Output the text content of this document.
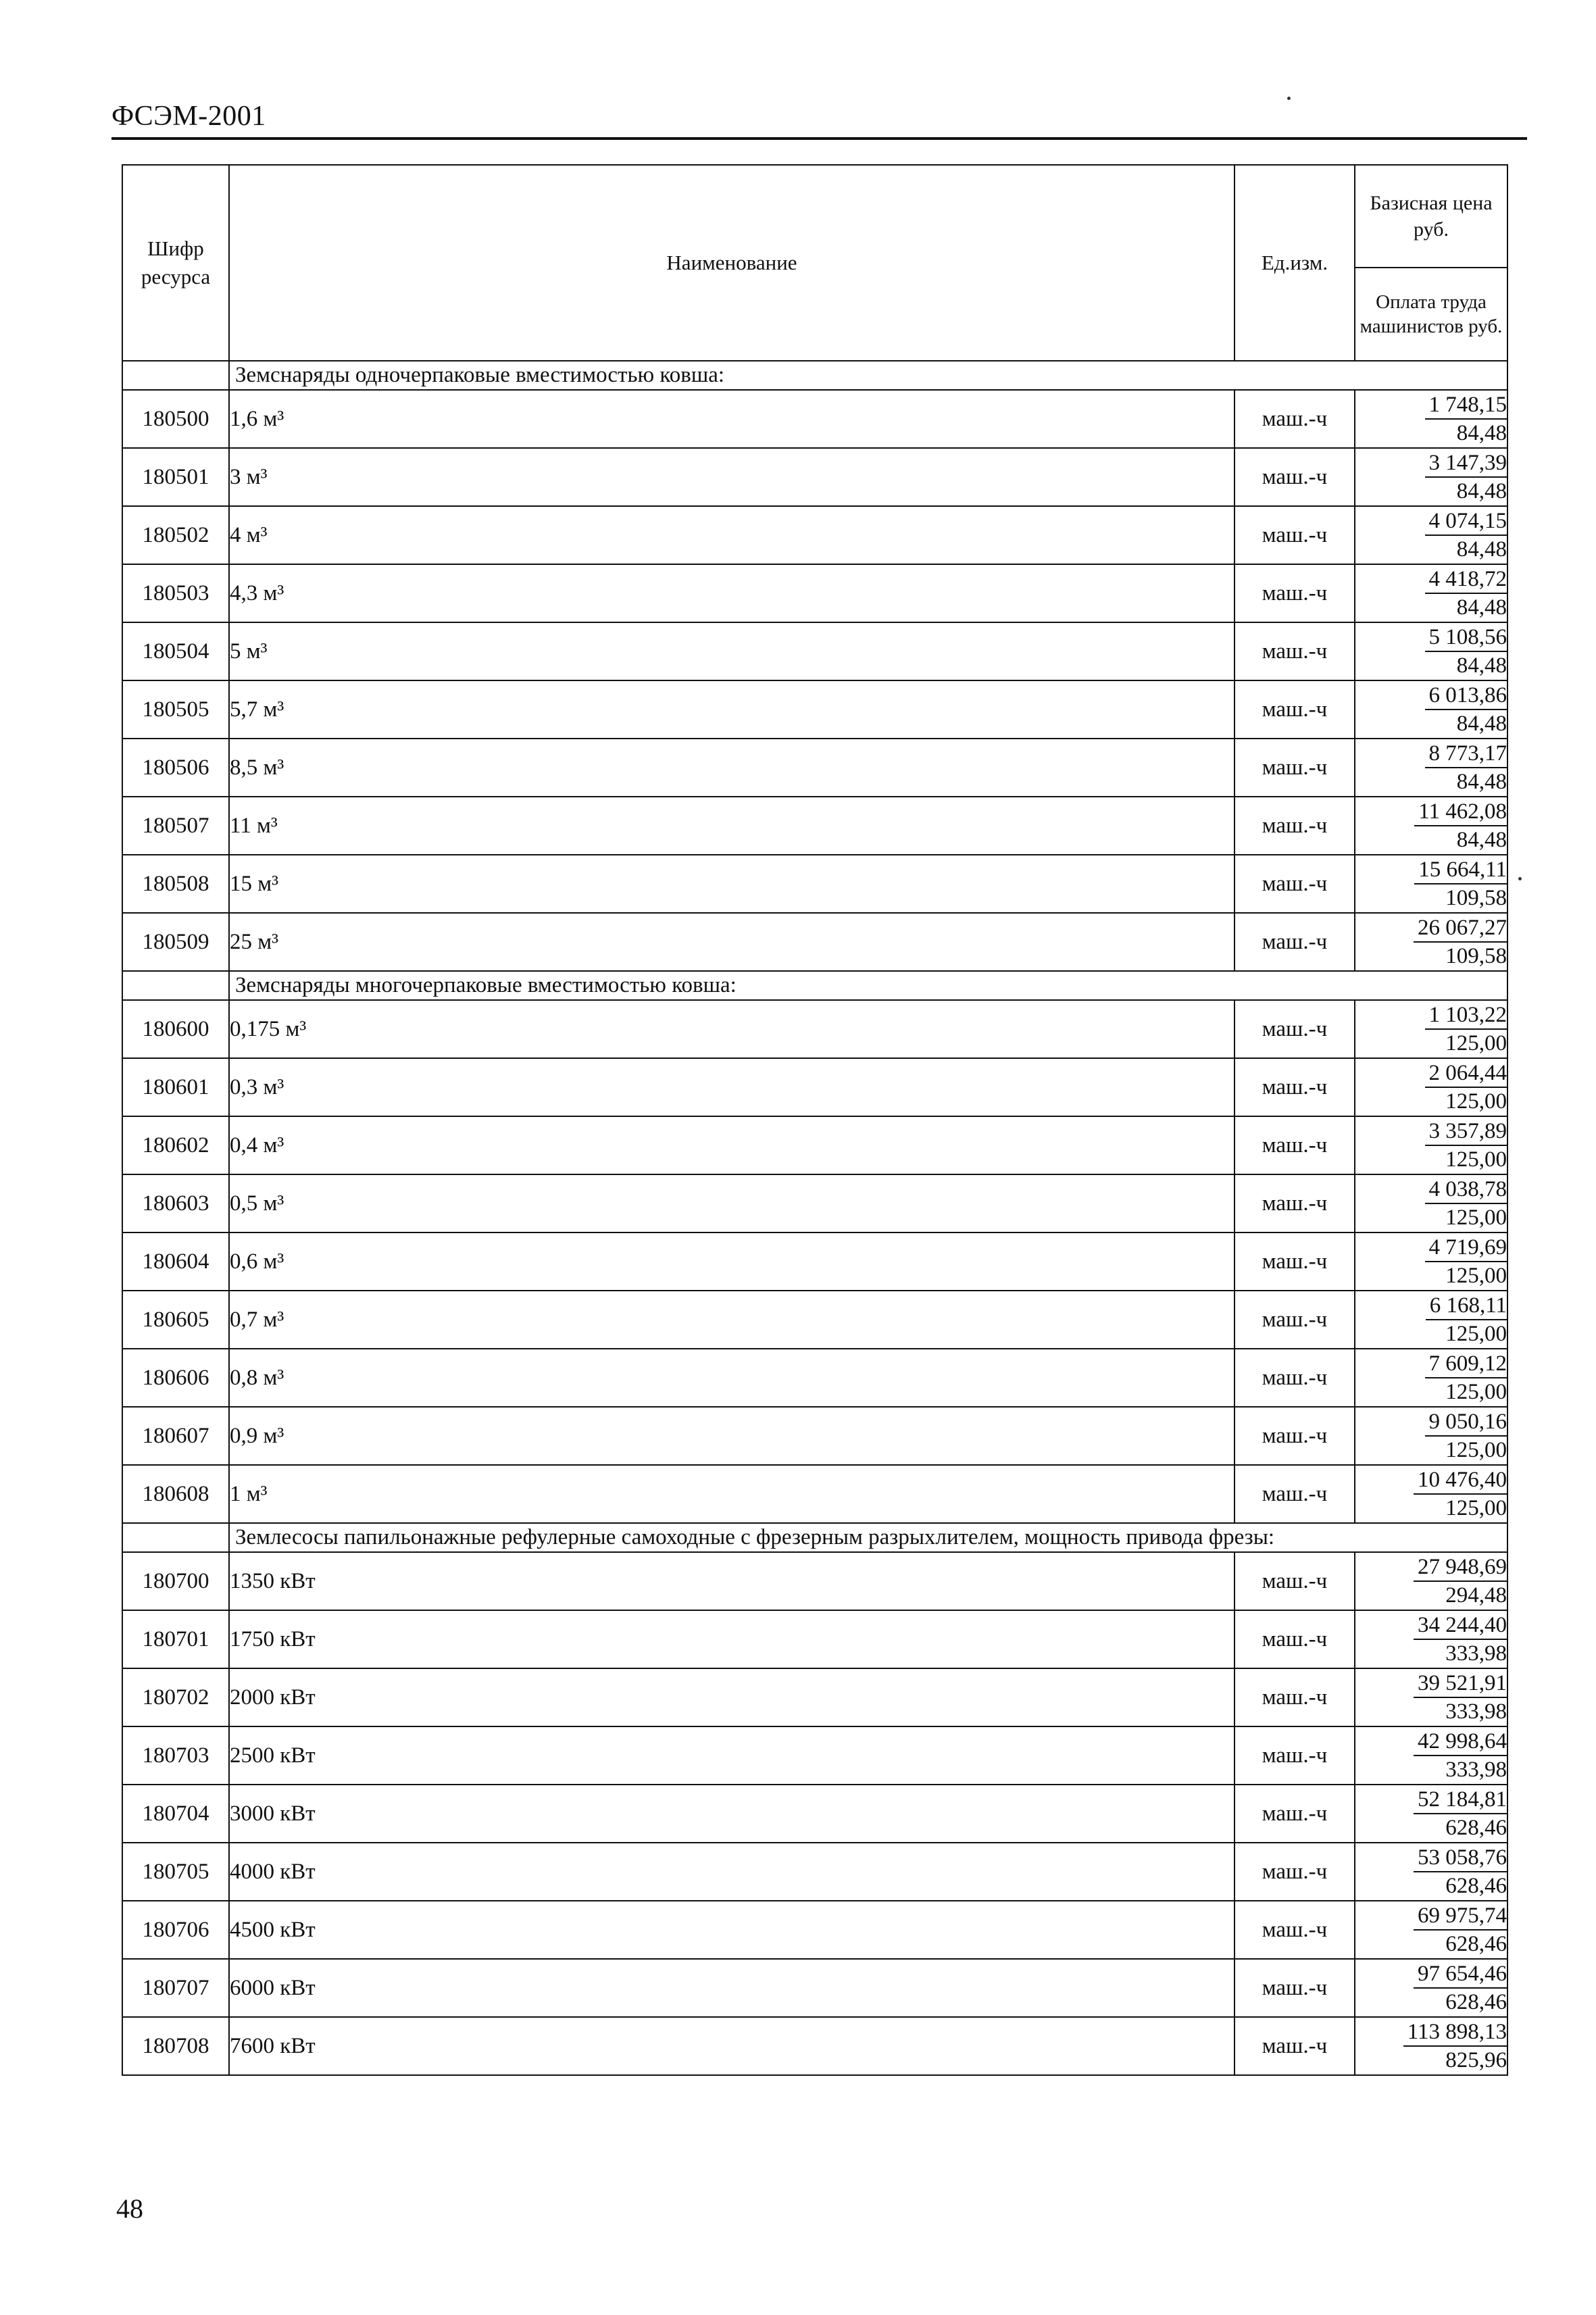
ФСЭМ-2001
Шифр ресурса	Наименование	Ед.изм.	Базисная цена руб.
			Оплата труда машинистов руб.
	Земснаряды одночерпаковые вместимостью ковша:		
180500	1,6 м³	маш.-ч	1 748,15
84,48

180501	3 м³	маш.-ч	3 147,39
84,48

180502	4 м³	маш.-ч	4 074,15
84,48

180503	4,3 м³	маш.-ч	4 418,72
84,48

180504	5 м³	маш.-ч	5 108,56
84,48

180505	5,7 м³	маш.-ч	6 013,86
84,48

180506	8,5 м³	маш.-ч	8 773,17
84,48

180507	11 м³	маш.-ч	11 462,08
84,48

180508	15 м³	маш.-ч	15 664,11
109,58

180509	25 м³	маш.-ч	26 067,27
109,58

	Земснаряды многочерпаковые вместимостью ковша:		
180600	0,175 м³	маш.-ч	1 103,22
125,00

180601	0,3 м³	маш.-ч	2 064,44
125,00

180602	0,4 м³	маш.-ч	3 357,89
125,00

180603	0,5 м³	маш.-ч	4 038,78
125,00

180604	0,6 м³	маш.-ч	4 719,69
125,00

180605	0,7 м³	маш.-ч	6 168,11
125,00

180606	0,8 м³	маш.-ч	7 609,12
125,00

180607	0,9 м³	маш.-ч	9 050,16
125,00

180608	1 м³	маш.-ч	10 476,40
125,00

	Землесосы папильонажные рефулерные самоходные с фрезерным разрыхлителем, мощность привода фрезы:		
180700	1350 кВт	маш.-ч	27 948,69
294,48

180701	1750 кВт	маш.-ч	34 244,40
333,98

180702	2000 кВт	маш.-ч	39 521,91
333,98

180703	2500 кВт	маш.-ч	42 998,64
333,98

180704	3000 кВт	маш.-ч	52 184,81
628,46

180705	4000 кВт	маш.-ч	53 058,76
628,46

180706	4500 кВт	маш.-ч	69 975,74
628,46

180707	6000 кВт	маш.-ч	97 654,46
628,46

180708	7600 кВт	маш.-ч	113 898,13
825,96
48
